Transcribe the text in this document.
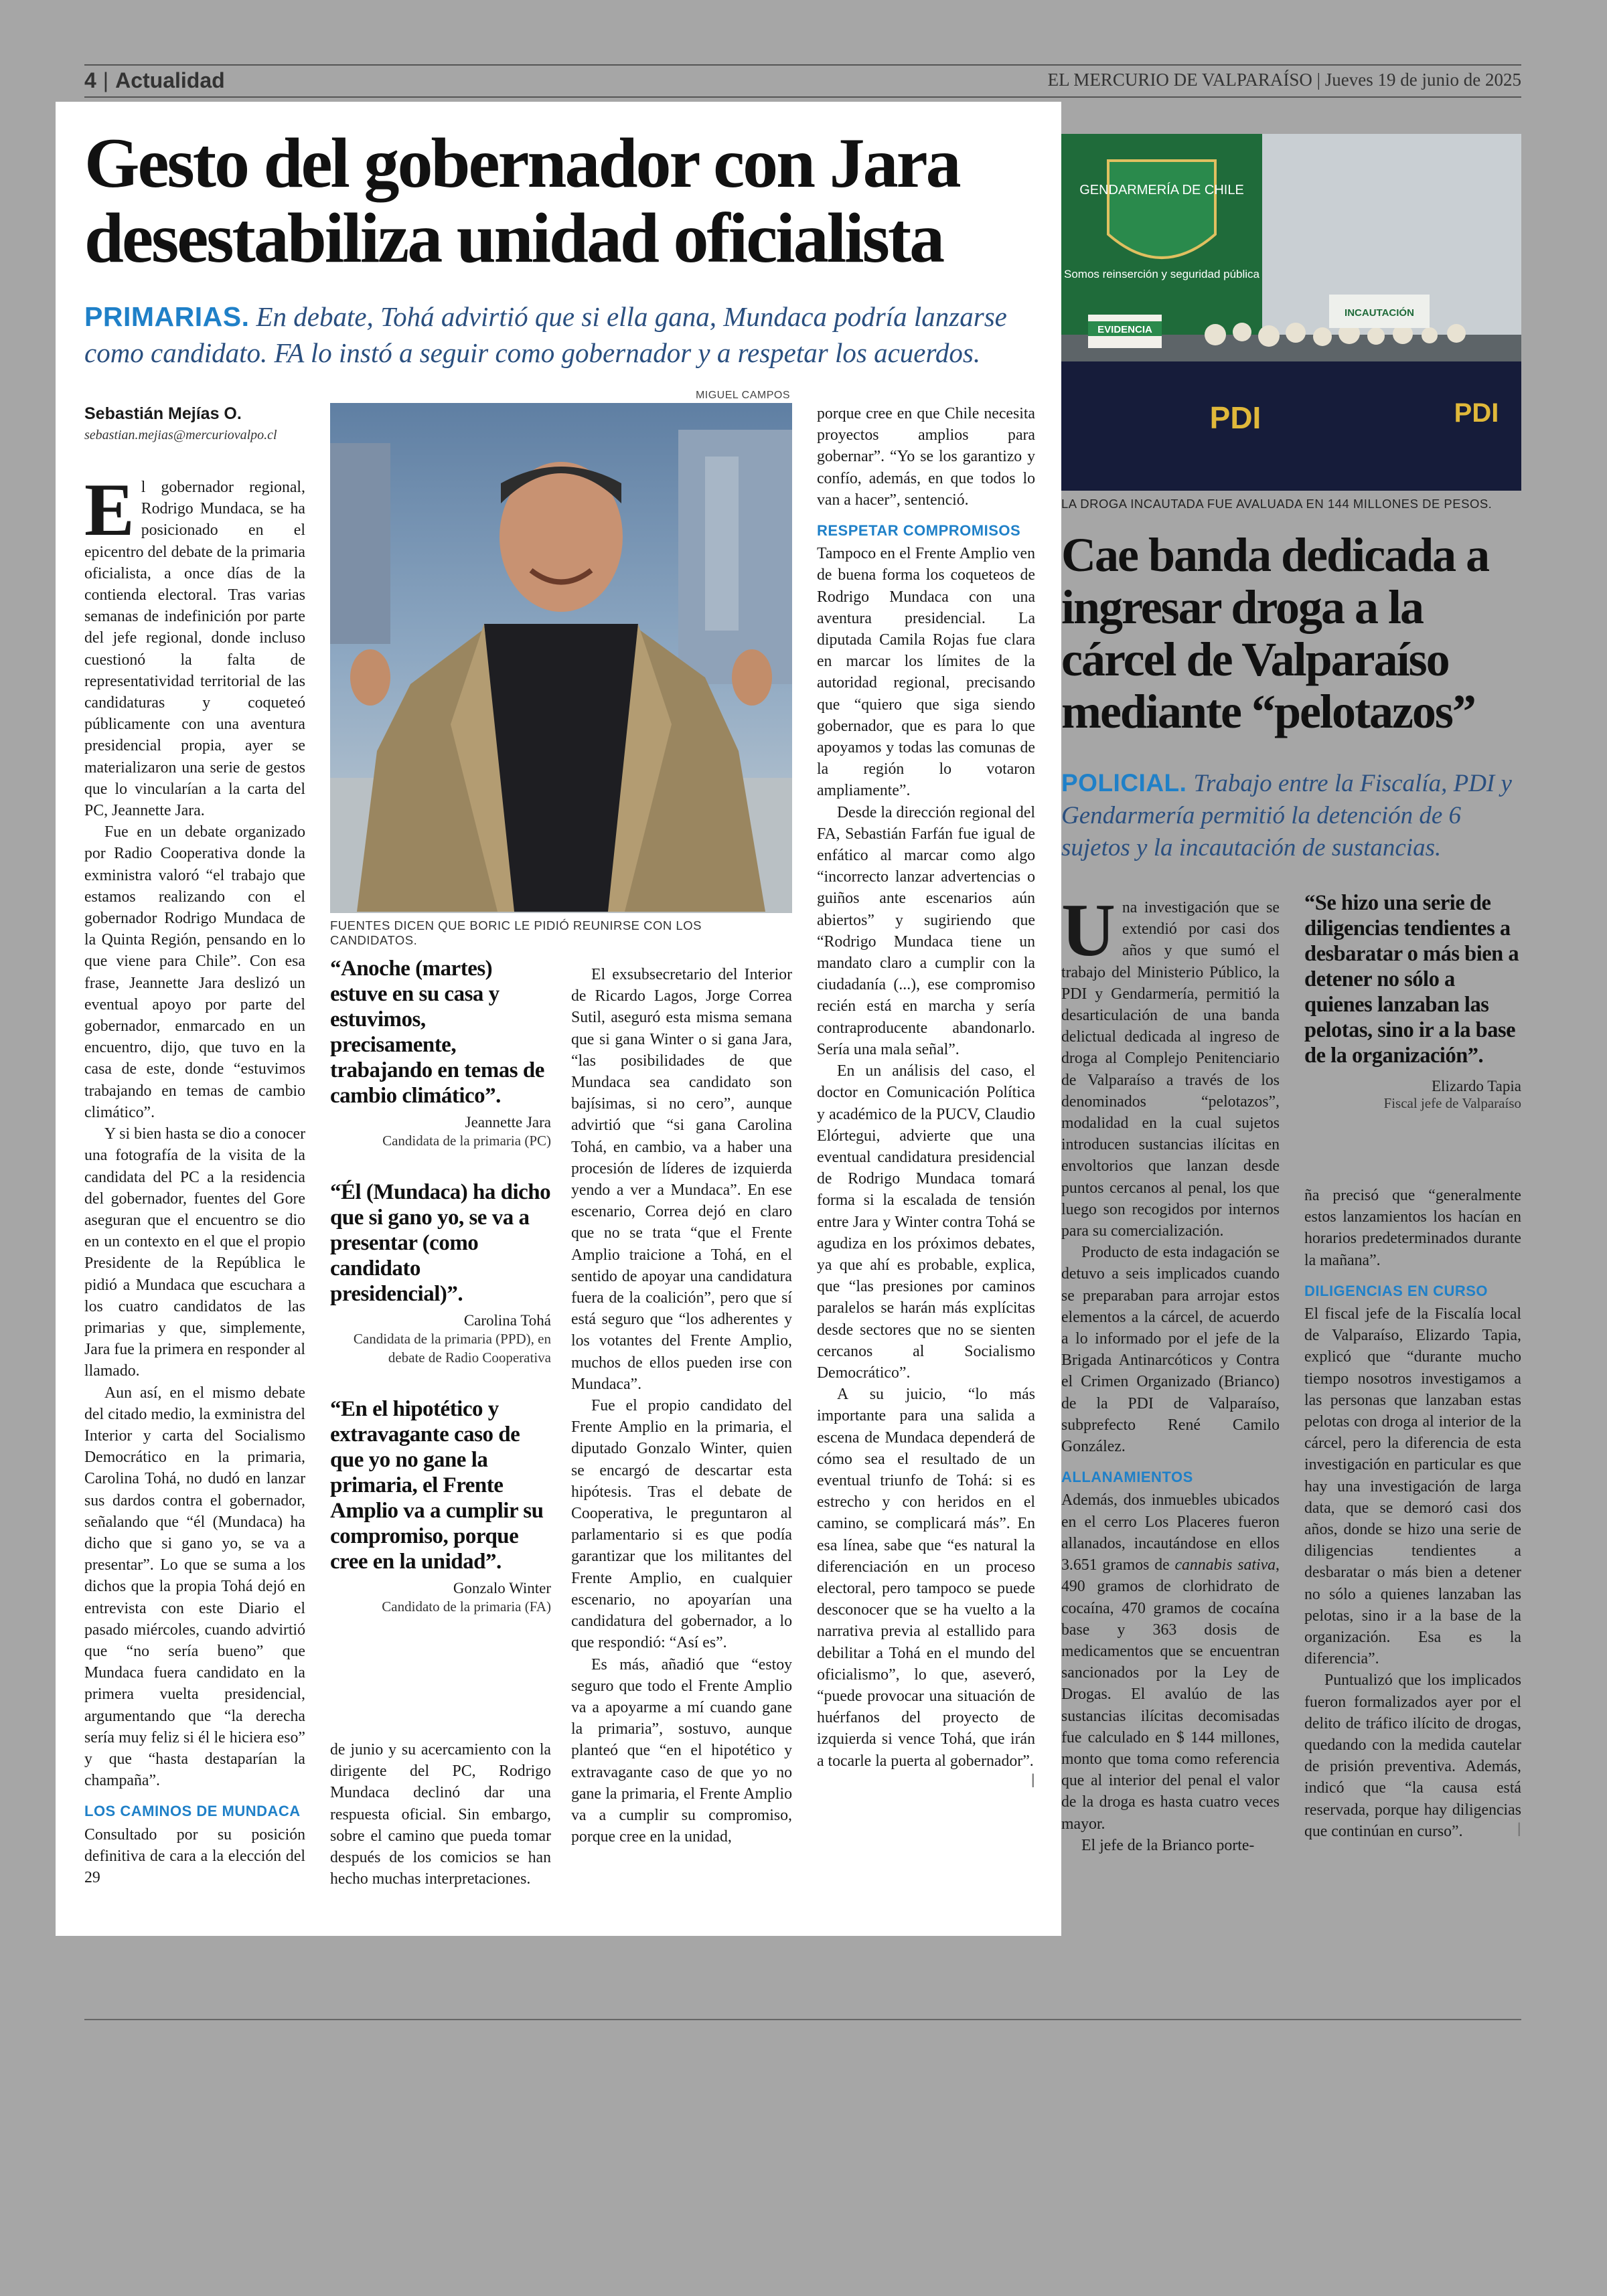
4 | Actualidad	EL MERCURIO DE VALPARAÍSO | Jueves 19 de junio de 2025
Gesto del gobernador con Jara desestabiliza unidad oficialista

PRIMARIAS. En debate, Tohá advirtió que si ella gana, Mundaca podría lanzarse como candidato. FA lo instó a seguir como gobernador y a respetar los acuerdos.

Sebastián Mejías O.
sebastian.mejias@mercuriovalpo.cl

El gobernador regional, Rodrigo Mundaca, se ha posicionado en el epicentro del debate de la primaria oficialista, a once días de la contienda electoral. Tras varias semanas de indefinición por parte del jefe regional, donde incluso cuestionó la falta de representatividad territorial de las candidaturas y coqueteó públicamente con una aventura presidencial propia, ayer se materializaron una serie de gestos que lo vincularían a la carta del PC, Jeannette Jara.

Fue en un debate organizado por Radio Cooperativa donde la exministra valoró “el trabajo que estamos realizando con el gobernador Rodrigo Mundaca de la Quinta Región, pensando en lo que viene para Chile”. Con esa frase, Jeannette Jara deslizó un eventual apoyo por parte del gobernador, enmarcado en un encuentro, dijo, que tuvo en la casa de este, donde “estuvimos trabajando en temas de cambio climático”.

Y si bien hasta se dio a conocer una fotografía de la visita de la candidata del PC a la residencia del gobernador, fuentes del Gore aseguran que el encuentro se dio en un contexto en el que el propio Presidente de la República le pidió a Mundaca que escuchara a los cuatro candidatos de las primarias y que, simplemente, Jara fue la primera en responder al llamado.

Aun así, en el mismo debate del citado medio, la exministra del Interior y carta del Socialismo Democrático en la primaria, Carolina Tohá, no dudó en lanzar sus dardos contra el gobernador, señalando que “él (Mundaca) ha dicho que si gano yo, se va a presentar”. Lo que se suma a los dichos que la propia Tohá dejó en entrevista con este Diario el pasado miércoles, cuando advirtió que “no sería bueno” que Mundaca fuera candidato en la primera vuelta presidencial, argumentando que “la derecha sería muy feliz si él le hiciera eso” y que “hasta destaparían la champaña”.

LOS CAMINOS DE MUNDACA

Consultado por su posición definitiva de cara a la elección del 29

MIGUEL CAMPOS
FUENTES DICEN QUE BORIC LE PIDIÓ REUNIRSE CON LOS CANDIDATOS.
“Anoche (martes) estuve en su casa y estuvimos, precisamente, trabajando en temas de cambio climático”.
Jeannette Jara
Candidata de la primaria (PC)
“Él (Mundaca) ha dicho que si gano yo, se va a presentar (como candidato presidencial)”.
Carolina Tohá
Candidata de la primaria (PPD), en debate de Radio Cooperativa
“En el hipotético y extravagante caso de que yo no gane la primaria, el Frente Amplio va a cumplir su compromiso, porque cree en la unidad”.
Gonzalo Winter
Candidato de la primaria (FA)

de junio y su acercamiento con la dirigente del PC, Rodrigo Mundaca declinó dar una respuesta oficial. Sin embargo, sobre el camino que pueda tomar después de los comicios se han hecho muchas interpretaciones.

El exsubsecretario del Interior de Ricardo Lagos, Jorge Correa Sutil, aseguró esta misma semana que si gana Winter o si gana Jara, “las posibilidades de que Mundaca sea candidato son bajísimas, si no cero”, aunque advirtió que “si gana Carolina Tohá, en cambio, va a haber una procesión de líderes de izquierda yendo a ver a Mundaca”. En ese escenario, Correa dejó en claro que no se trata “que el Frente Amplio traicione a Tohá, en el sentido de apoyar una candidatura fuera de la coalición”, pero que sí está seguro que “los adherentes y los votantes del Frente Amplio, muchos de ellos pueden irse con Mundaca”.

Fue el propio candidato del Frente Amplio en la primaria, el diputado Gonzalo Winter, quien se encargó de descartar esta hipótesis. Tras el debate de Cooperativa, le preguntaron al parlamentario si es que podía garantizar que los militantes del Frente Amplio, en cualquier escenario, no apoyarían una candidatura del gobernador, a lo que respondió: “Así es”.

Es más, añadió que “estoy seguro que todo el Frente Amplio va a apoyarme a mí cuando gane la primaria”, sostuvo, aunque planteó que “en el hipotético y extravagante caso de que yo no gane la primaria, el Frente Amplio va a cumplir su compromiso, porque cree en la unidad,

porque cree en que Chile necesita proyectos amplios para gobernar”. “Yo se los garantizo y confío, además, en que todos lo van a hacer”, sentenció.

RESPETAR COMPROMISOS

Tampoco en el Frente Amplio ven de buena forma los coqueteos de Rodrigo Mundaca con una aventura presidencial. La diputada Camila Rojas fue clara en marcar los límites de la autoridad regional, precisando que “quiero que siga siendo gobernador, que es para lo que apoyamos y todas las comunas de la región lo votaron ampliamente”.

Desde la dirección regional del FA, Sebastián Farfán fue igual de enfático al marcar como algo “incorrecto lanzar advertencias o guiños ante escenarios aún abiertos” y sugiriendo que “Rodrigo Mundaca tiene un mandato claro a cumplir con la ciudadanía (...), ese compromiso recién está en marcha y sería contraproducente abandonarlo. Sería una mala señal”.

En un análisis del caso, el doctor en Comunicación Política y académico de la PUCV, Claudio Elórtegui, advierte que una eventual candidatura presidencial de Rodrigo Mundaca tomará forma si la escalada de tensión entre Jara y Winter contra Tohá se agudiza en los próximos debates, ya que ahí es probable, explica, que “las presiones por caminos paralelos se harán más explícitas desde sectores que no se sienten cercanos al Socialismo Democrático”.

A su juicio, “lo más importante para una salida a escena de Mundaca dependerá de cómo sea el resultado de un eventual triunfo de Tohá: si es estrecho y con heridos en el camino, se complicará más”. En esa línea, sabe que “es natural la diferenciación en un proceso electoral, pero tampoco se puede desconocer que se ha vuelto a la narrativa previa al estallido para debilitar a Tohá en el mundo del oficialismo”, lo que, aseveró, “puede provocar una situación de huérfanos del proyecto de izquierda si vence Tohá, que irán a tocarle la puerta al gobernador”.
ꟾ

GENDARMERÍA DE CHILE
Somos reinserción y seguridad pública
EVIDENCIA
INCAUTACIÓN
PDI	PDI
LA DROGA INCAUTADA FUE AVALUADA EN 144 MILLONES DE PESOS.
Cae banda dedicada a ingresar droga a la cárcel de Valparaíso mediante “pelotazos”

POLICIAL. Trabajo entre la Fiscalía, PDI y Gendarmería permitió la detención de 6 sujetos y la incautación de sustancias.

Una investigación que se extendió por casi dos años y que sumó el trabajo del Ministerio Público, la PDI y Gendarmería, permitió la desarticulación de una banda delictual dedicada al ingreso de droga al Complejo Penitenciario de Valparaíso a través de los denominados “pelotazos”, modalidad en la cual sujetos introducen sustancias ilícitas en envoltorios que lanzan desde puntos cercanos al penal, los que luego son recogidos por internos para su comercialización.

Producto de esta indagación se detuvo a seis implicados cuando se preparaban para arrojar estos elementos a la cárcel, de acuerdo a lo informado por el jefe de la Brigada Antinarcóticos y Contra el Crimen Organizado (Brianco) de la PDI de Valparaíso, subprefecto René Camilo González.

ALLANAMIENTOS

Además, dos inmuebles ubicados en el cerro Los Placeres fueron allanados, incautándose en ellos 3.651 gramos de cannabis sativa, 490 gramos de clorhidrato de cocaína, 470 gramos de cocaína base y 363 dosis de medicamentos que se encuentran sancionados por la Ley de Drogas. El avalúo de las sustancias ilícitas decomisadas fue calculado en $ 144 millones, monto que toma como referencia que al interior del penal el valor de la droga es hasta cuatro veces mayor.

El jefe de la Brianco porte-

“Se hizo una serie de diligencias tendientes a desbaratar o más bien a detener no sólo a quienes lanzaban las pelotas, sino ir a la base de la organización”.
Elizardo Tapia
Fiscal jefe de Valparaíso

ña precisó que “generalmente estos lanzamientos los hacían en horarios predeterminados durante la mañana”.

DILIGENCIAS EN CURSO

El fiscal jefe de la Fiscalía local de Valparaíso, Elizardo Tapia, explicó que “durante mucho tiempo nosotros investigamos a las personas que lanzaban estas pelotas con droga al interior de la cárcel, pero la diferencia de esta investigación en particular es que hay una investigación de larga data, que se demoró casi dos años, donde se hizo una serie de diligencias tendientes a desbaratar o más bien a detener no sólo a quienes lanzaban las pelotas, sino ir a la base de la organización. Esa es la diferencia”.

Puntualizó que los implicados fueron formalizados ayer por el delito de tráfico ilícito de drogas, quedando con la medida cautelar de prisión preventiva. Además, indicó que “la causa está reservada, porque hay diligencias que continúan en curso”.	ꟾ
